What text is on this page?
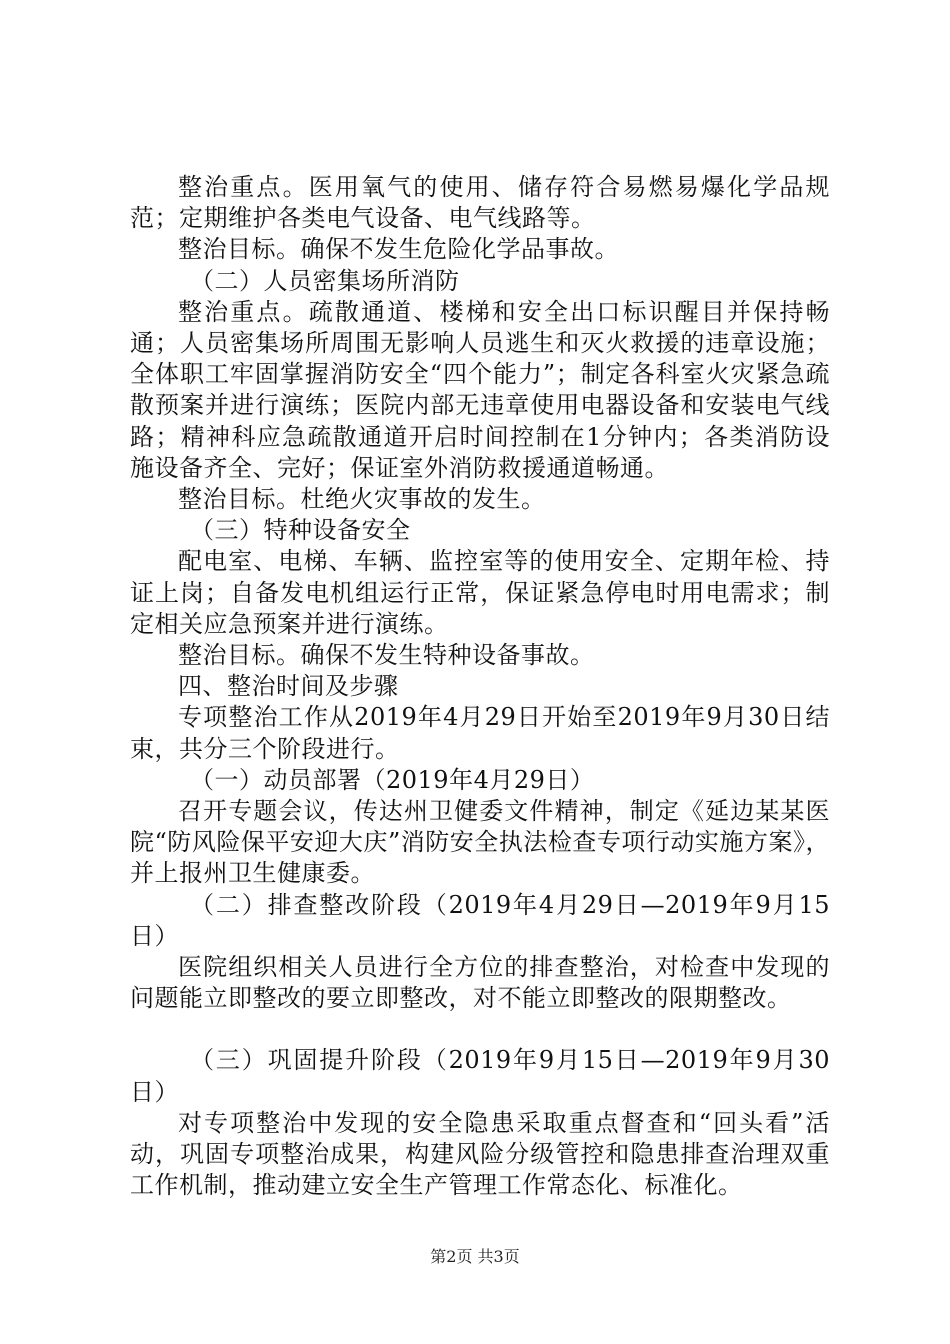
整治重点。医用氧气的使用、储存符合易燃易爆化学品规范；定期维护各类电气设备、电气线路等。

整治目标。确保不发生危险化学品事故。

（二）人员密集场所消防

整治重点。疏散通道、楼梯和安全出口标识醒目并保持畅通；人员密集场所周围无影响人员逃生和灭火救援的违章设施；全体职工牢固掌握消防安全“四个能力”；制定各科室火灾紧急疏散预案并进行演练；医院内部无违章使用电器设备和安装电气线路；精神科应急疏散通道开启时间控制在1分钟内；各类消防设施设备齐全、完好；保证室外消防救援通道畅通。

整治目标。杜绝火灾事故的发生。

（三）特种设备安全

配电室、电梯、车辆、监控室等的使用安全、定期年检、持证上岗；自备发电机组运行正常，保证紧急停电时用电需求；制定相关应急预案并进行演练。

整治目标。确保不发生特种设备事故。

四、整治时间及步骤

专项整治工作从2019年4月29日开始至2019年9月30日结束，共分三个阶段进行。

（一）动员部署（2019年4月29日）

召开专题会议，传达州卫健委文件精神，制定《延边某某医院“防风险保平安迎大庆”消防安全执法检查专项行动实施方案》，并上报州卫生健康委。

（二）排查整改阶段（2019年4月29日—2019年9月15日）

医院组织相关人员进行全方位的排查整治，对检查中发现的问题能立即整改的要立即整改，对不能立即整改的限期整改。

（三）巩固提升阶段（2019年9月15日—2019年9月30日）

对专项整治中发现的安全隐患采取重点督查和“回头看”活动，巩固专项整治成果，构建风险分级管控和隐患排查治理双重工作机制，推动建立安全生产管理工作常态化、标准化。

第2页 共3页
